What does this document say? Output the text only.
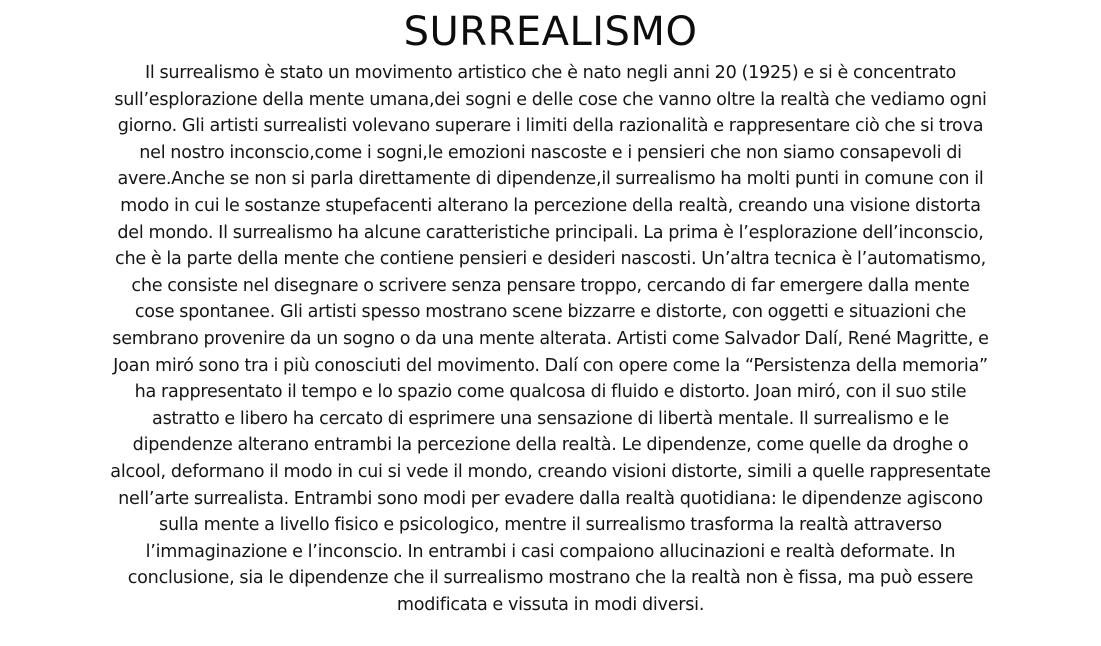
SURREALISMO
Il surrealismo è stato un movimento artistico che è nato negli anni 20 (1925) e si è concentrato
sull’esplorazione della mente umana,dei sogni e delle cose che vanno oltre la realtà che vediamo ogni
giorno. Gli artisti surrealisti volevano superare i limiti della razionalità e rappresentare ciò che si trova
nel nostro inconscio,come i sogni,le emozioni nascoste e i pensieri che non siamo consapevoli di
avere.Anche se non si parla direttamente di dipendenze,il surrealismo ha molti punti in comune con il
modo in cui le sostanze stupefacenti alterano la percezione della realtà, creando una visione distorta
del mondo. Il surrealismo ha alcune caratteristiche principali. La prima è l’esplorazione dell’inconscio,
che è la parte della mente che contiene pensieri e desideri nascosti. Un’altra tecnica è l’automatismo,
che consiste nel disegnare o scrivere senza pensare troppo, cercando di far emergere dalla mente
cose spontanee. Gli artisti spesso mostrano scene bizzarre e distorte, con oggetti e situazioni che
sembrano provenire da un sogno o da una mente alterata. Artisti come Salvador Dalí, René Magritte, e
Joan miró sono tra i più conosciuti del movimento. Dalí con opere come la “Persistenza della memoria”
ha rappresentato il tempo e lo spazio come qualcosa di fluido e distorto. Joan miró, con il suo stile
astratto e libero ha cercato di esprimere una sensazione di libertà mentale. Il surrealismo e le
dipendenze alterano entrambi la percezione della realtà. Le dipendenze, come quelle da droghe o
alcool, deformano il modo in cui si vede il mondo, creando visioni distorte, simili a quelle rappresentate
nell’arte surrealista. Entrambi sono modi per evadere dalla realtà quotidiana: le dipendenze agiscono
sulla mente a livello fisico e psicologico, mentre il surrealismo trasforma la realtà attraverso
l’immaginazione e l’inconscio. In entrambi i casi compaiono allucinazioni e realtà deformate. In
conclusione, sia le dipendenze che il surrealismo mostrano che la realtà non è fissa, ma può essere
modificata e vissuta in modi diversi.
